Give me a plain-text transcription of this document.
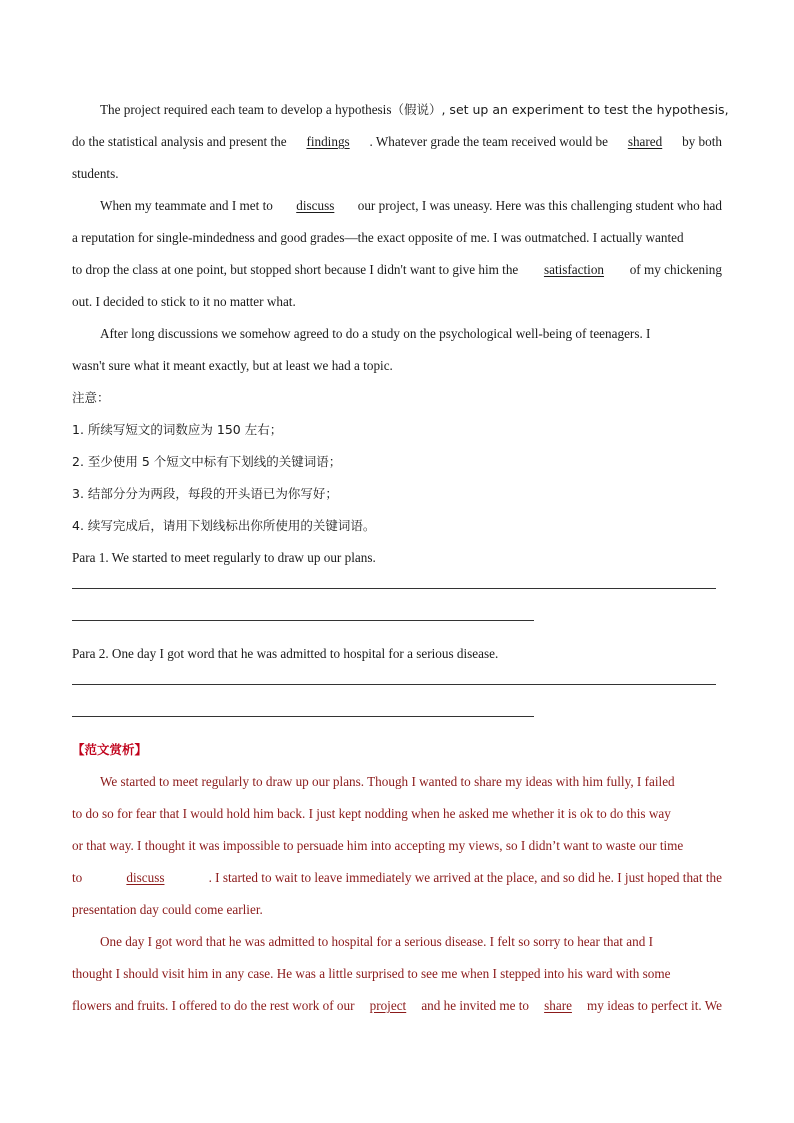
The project required each team to develop a hypothesis （假说）, set up an experiment to test the hypothesis,
do the statistical analysis and present the findings . Whatever grade the team received would be shared by both
students.
When my teammate and I met to discuss our project, I was uneasy. Here was this challenging student who had
a reputation for single-mindedness and good grades—the exact opposite of me. I was outmatched. I actually wanted
to drop the class at one point, but stopped short because I didn't want to give him the satisfaction of my chickening
out. I decided to stick to it no matter what.
After long discussions we somehow agreed to do a study on the psychological well-being of teenagers. I
wasn't sure what it meant exactly, but at least we had a topic.
注意：
1. 所续写短文的词数应为 150 左右；
2. 至少使用 5 个短文中标有下划线的关键词语；
3. 结部分分为两段，每段的开头语已为你写好；
4. 续写完成后，请用下划线标出你所使用的关键词语。
Para 1. We started to meet regularly to draw up our plans.
Para 2. One day I got word that he was admitted to hospital for a serious disease.
【范文赏析】
We started to meet regularly to draw up our plans. Though I wanted to share my ideas with him fully, I failed
to do so for fear that I would hold him back. I just kept nodding when he asked me whether it is ok to do this way
or that way. I thought it was impossible to persuade him into accepting my views, so I didn’t want to waste our time
to	discuss	. I started to wait to leave immediately we arrived at the place, and so did he. I just hoped that the
presentation day could come earlier.
One day I got word that he was admitted to hospital for a serious disease. I felt so sorry to hear that and I
thought I should visit him in any case. He was a little surprised to see me when I stepped into his ward with some
flowers and fruits. I offered to do the rest work of our project and he invited me to share my ideas to perfect it. We
